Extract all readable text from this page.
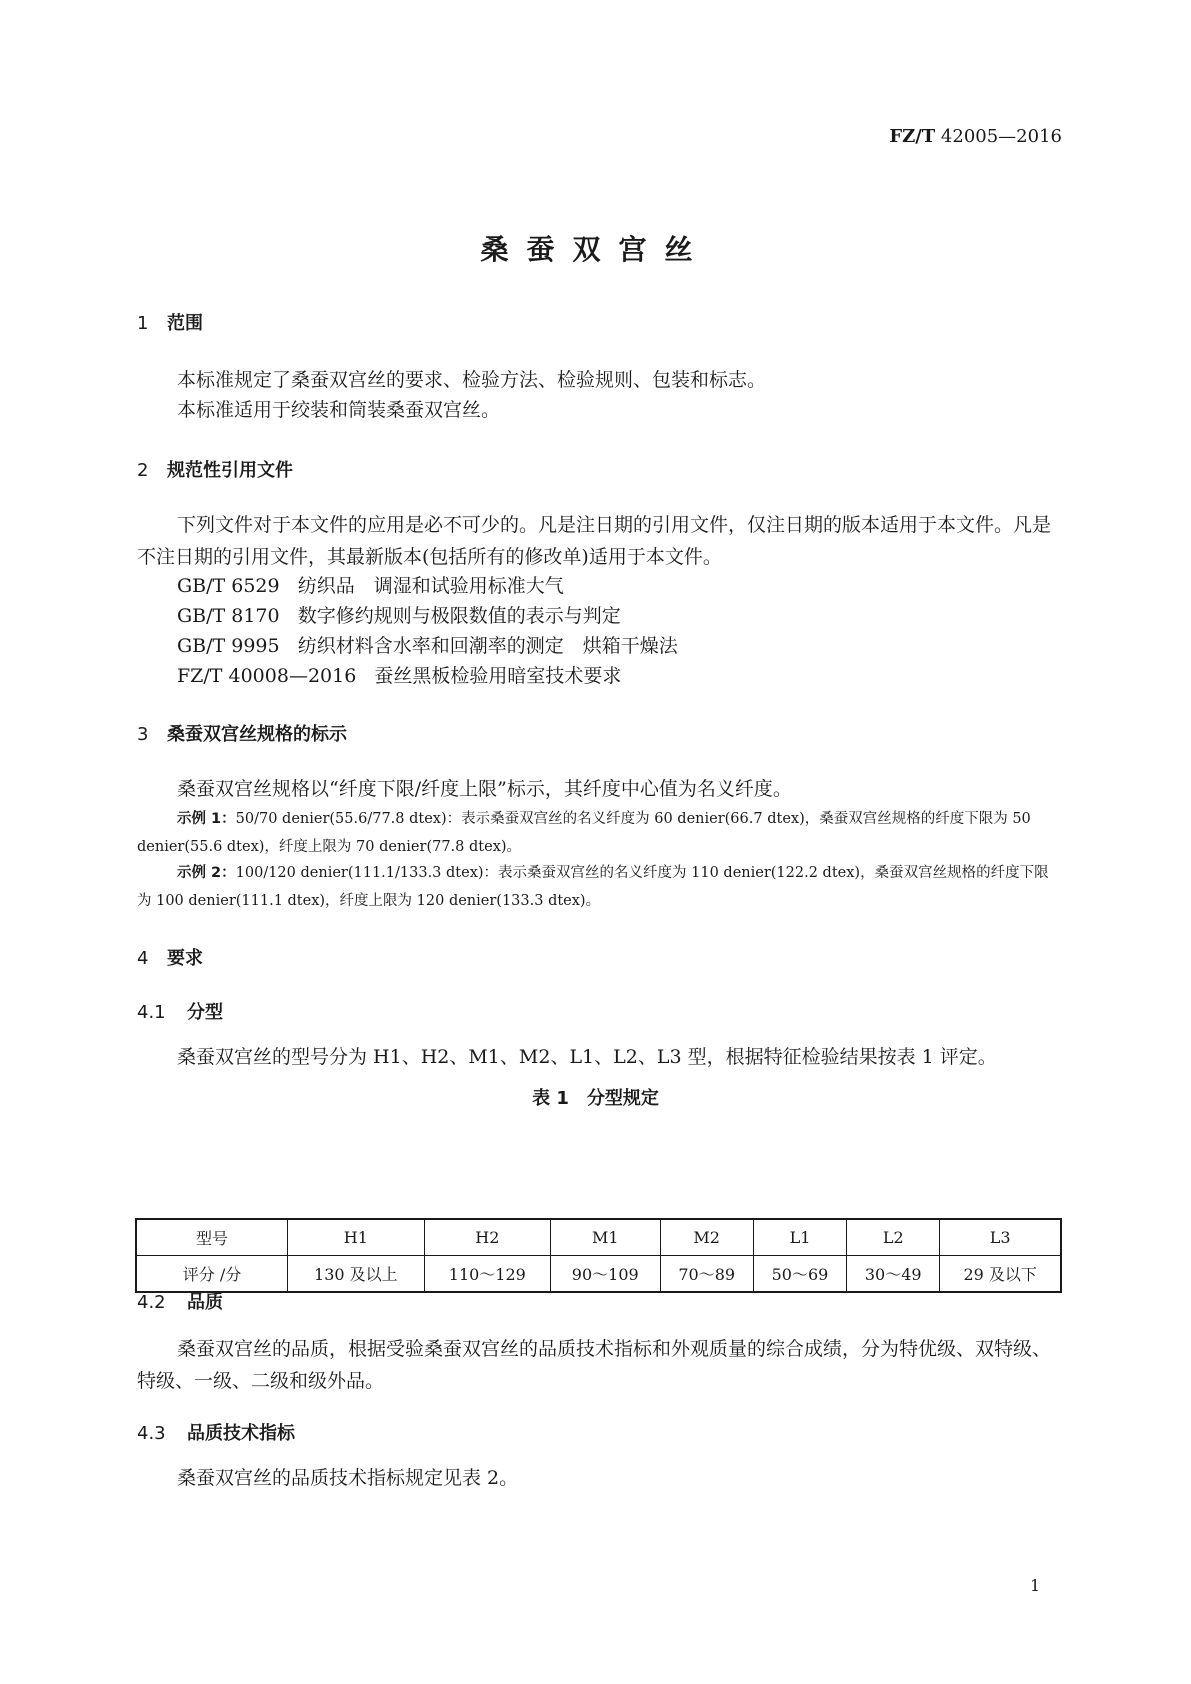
FZ/T 42005—2016
桑蚕双宫丝
1 范围
本标准规定了桑蚕双宫丝的要求、检验方法、检验规则、包装和标志。
本标准适用于绞装和筒装桑蚕双宫丝。
2 规范性引用文件
下列文件对于本文件的应用是必不可少的。凡是注日期的引用文件，仅注日期的版本适用于本文件。凡是不注日期的引用文件，其最新版本(包括所有的修改单)适用于本文件。
GB/T 6529 纺织品　调湿和试验用标准大气
GB/T 8170 数字修约规则与极限数值的表示与判定
GB/T 9995 纺织材料含水率和回潮率的测定　烘箱干燥法
FZ/T 40008—2016 蚕丝黑板检验用暗室技术要求
3 桑蚕双宫丝规格的标示
桑蚕双宫丝规格以“纤度下限/纤度上限”标示，其纤度中心值为名义纤度。
示例 1：50/70 denier(55.6/77.8 dtex)：表示桑蚕双宫丝的名义纤度为 60 denier(66.7 dtex)，桑蚕双宫丝规格的纤度下限为 50 denier(55.6 dtex)，纤度上限为 70 denier(77.8 dtex)。
示例 2：100/120 denier(111.1/133.3 dtex)：表示桑蚕双宫丝的名义纤度为 110 denier(122.2 dtex)，桑蚕双宫丝规格的纤度下限为 100 denier(111.1 dtex)，纤度上限为 120 denier(133.3 dtex)。
4 要求
4.1 分型
桑蚕双宫丝的型号分为 H1、H2、M1、M2、L1、L2、L3 型，根据特征检验结果按表 1 评定。
表 1　分型规定
型号	H1	H2	M1	M2	L1	L2	L3
评分 /分	130 及以上	110～129	90～109	70～89	50～69	30～49	29 及以下
4.2 品质
桑蚕双宫丝的品质，根据受验桑蚕双宫丝的品质技术指标和外观质量的综合成绩，分为特优级、双特级、特级、一级、二级和级外品。
4.3 品质技术指标
桑蚕双宫丝的品质技术指标规定见表 2。
1
